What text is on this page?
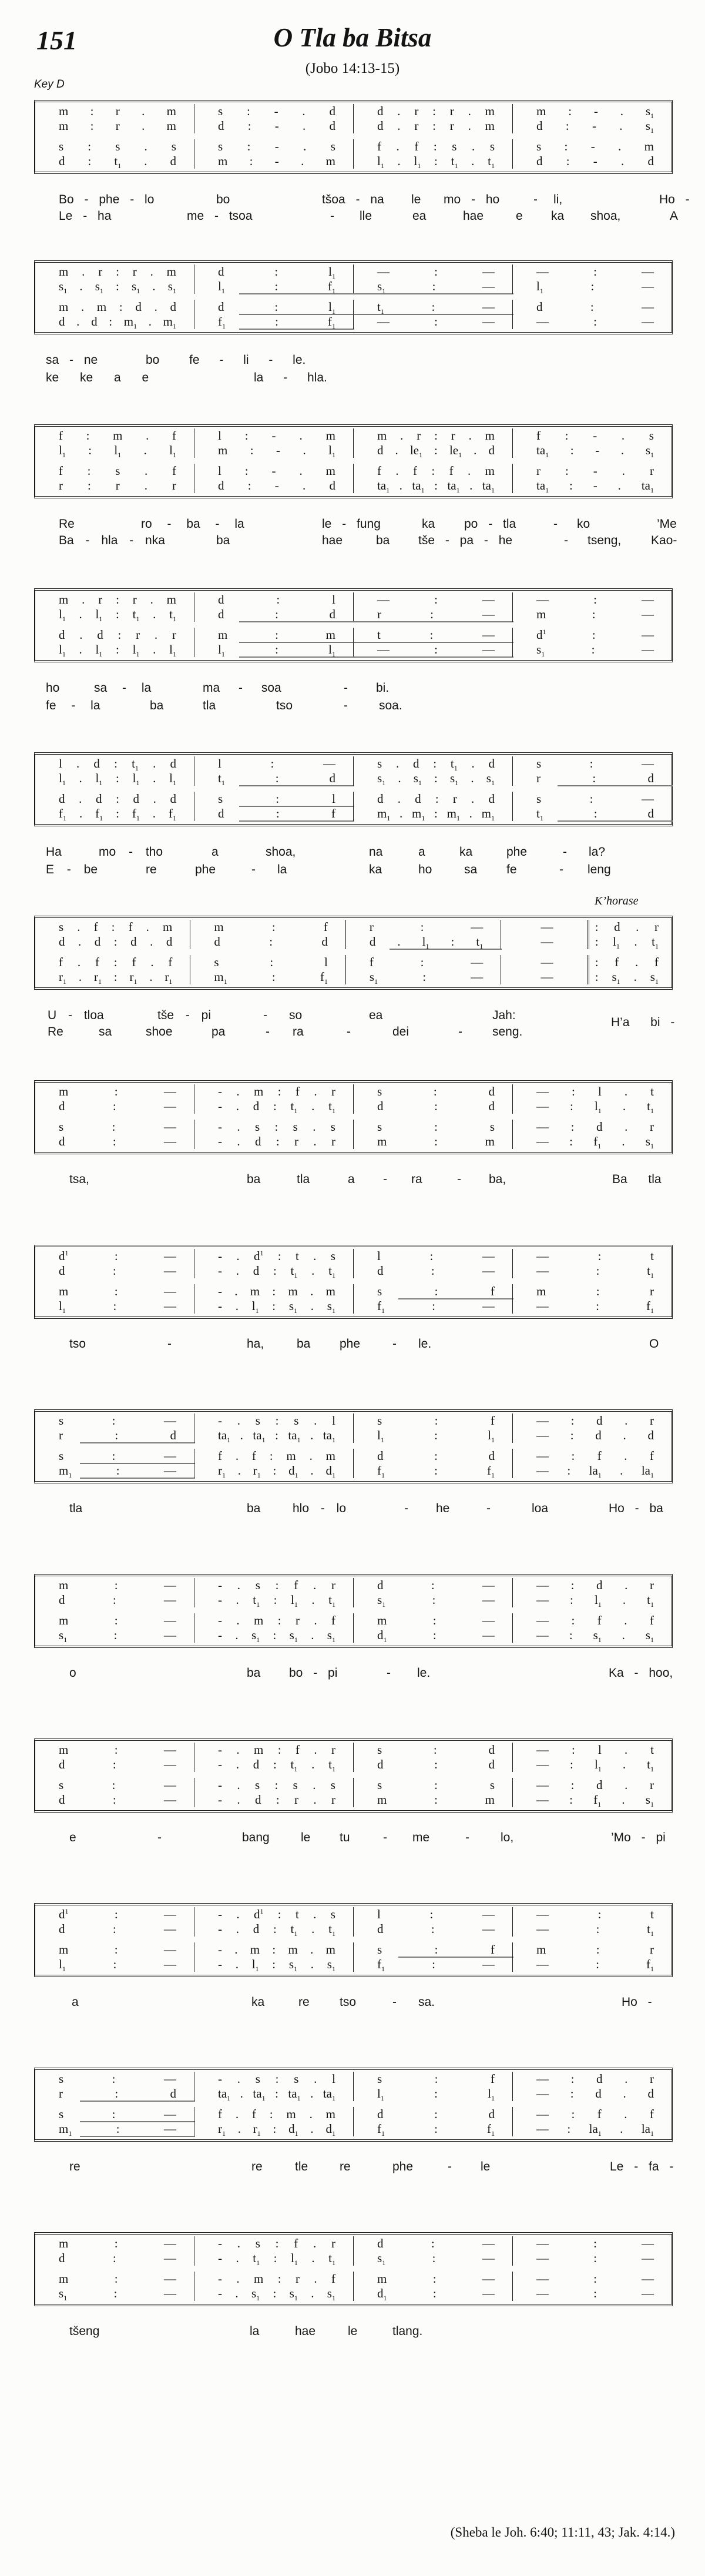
151	O Tla ba Bitsa
(Jobo 14:13-15)
Key D
K’horase
(Sheba le Joh. 6:40; 11:11, 43; Jak. 4:14.)
m : r . m	s : - . d	d . r : r . m	m : - . $s_1$
m : r . m	d : - . d	d . r : r . m	d : - . $s_1$
s : s . s	s : - . s	f . f : s . s	s : - . m
d : $t_1$ . d	m : - . m	$l_1$ . $l_1$ : $t_1$ . $t_1$	d : - . d
Bo - phe - lo	bo	tšoa - na le mo - ho	- li,	Ho -
Le - ha	me - tsoa	- lle	ea	hae	e ka shoa,	A
m . r : r . m	d	:	$l_1$	—	:	—	—	:	—
$s_1$ . $s_1$ : $s_1$ . $s_1$	$l_1$	:	$f_1$	$s_1$	:	—	$l_1$	:	—
m . m : d . d	d	:	$l_1$	$t_1$	:	—	d	:	—
d . d : $m_1$ . $m_1$	$f_1$	:	$f_1$	—	:	—	—	:	—
sa - ne	bo fe - li - le.
ke ke a e	la - hla.
f : m . f	l : - . m	m . r : r . m	f : - . s
$l_1$ : $l_1$ . $l_1$	m : - . $l_1$	d . $le_1$ : $le_1$ . d	$ta_1$ : - . $s_1$
f : s . f	l : - . m	f . f : f . m	r : - . r
r : r . r	d : - . d	$ta_1$ . $ta_1$ : $ta_1$ . $ta_1$	$ta_1$ : - . $ta_1$
Re	ro - ba - la	le - fung	ka po - tla	- ko	’Me
Ba - hla - nka	ba	hae	ba tše - pa - he	- tseng, Kao-
m . r : r . m	d	:	l	—	:	—	—	:	—
$l_1$ . $l_1$ : $t_1$ . $t_1$	d	:	d	r	:	—	m	:	—
d . d : r . r	m	:	m	t	:	—	$d^1$	:	—
$l_1$ . $l_1$ : $l_1$ . $l_1$	$l_1$	:	$l_1$	—	:	—	$s_1$	:	—
ho	sa - la	ma - soa	- bi.
fe - la	ba	tla	tso	-	soa.
l . d : $t_1$ . d	l	:	—	s . d : $t_1$ . d	s	:	—
$l_1$ . $l_1$ : $l_1$ . $l_1$	$t_1$	:	d	$s_1$ . $s_1$ : $s_1$ . $s_1$	r	:	d
d . d : d . d	s	:	l	d . d : r . d	s	:	—
$f_1$ . $f_1$ : $f_1$ . $f_1$	d	:	f	$m_1$ . $m_1$ : $m_1$ . $m_1$	$t_1$	:	d
Ha	mo - tho	a	shoa,	na	a	ka	phe	- la?
E - be	re	phe	- la	ka	ho	sa fe	- leng
s . f : f . m	m	:	f	r	:	—	—	: d . r
d . d : d . d	d	:	d	d . $l_1$ : $t_1$	—	: $l_1$ . $t_1$
f . f : f . f	s	:	l	f	:	—	—	: f . f
$r_1$ . $r_1$ : $r_1$ . $r_1$	$m_1$	:	$f_1$	$s_1$	:	—	—	: $s_1$ . $s_1$
U - tloa	tše - pi	- so	ea	Jah:
Re	sa	shoe	pa	- ra	-	dei	- seng.
H’a  bi -
m	:	—	- . m : f . r	s	:	d	— : l . t
d	:	—	- . d : $t_1$ . $t_1$	d	:	d	— : $l_1$ . $t_1$
s	:	—	- . s : s . s	s	:	s	— : d . r
d	:	—	- . d : r . r	m	:	m	— : $f_1$ . $s_1$
tsa,	ba	tla	a - ra	- ba,	Ba  tla
$d^1$	:	—	- . $d^1$ : t . s	l	:	—	—	:	t
d	:	—	- . d : $t_1$ . $t_1$	d	:	—	—	:	$t_1$
m	:	—	- . m : m . m	s	:	f	m	:	r
$l_1$	:	—	- . $l_1$ : $s_1$ . $s_1$	$f_1$	:	—	—	:	$f_1$
tso	-	ha,	ba phe	- le.	O
s	:	—	- . s : s . l	s	:	f	— : d . r
r	:	d	$ta_1$ . $ta_1$ : $ta_1$ . $ta_1$	$l_1$	:	$l_1$	— : d . d
s	:	—	f . f : m . m	d	:	d	— : f . f
$m_1$	:	—	$r_1$ . $r_1$ : $d_1$ . $d_1$	$f_1$	:	$f_1$	— : $la_1$ . $la_1$
tla	ba	hlo - lo	- he	-	loa	Ho - ba
m	:	—	- . s : f . r	d	:	—	— : d . r
d	:	—	- . $t_1$ : $l_1$ . $t_1$	$s_1$	:	—	— : $l_1$ . $t_1$
m	:	—	- . m : r . f	m	:	—	— : f . f
$s_1$	:	—	- . $s_1$ : $s_1$ . $s_1$	$d_1$	:	—	— : $s_1$ . $s_1$
o	ba bo - pi	- le.	Ka - hoo,
m	:	—	- . m : f . r	s	:	d	— : l . t
d	:	—	- . d : $t_1$ . $t_1$	d	:	d	— : $l_1$ . $t_1$
s	:	—	- . s : s . s	s	:	s	— : d . r
d	:	—	- . d : r . r	m	:	m	— : $f_1$ . $s_1$
e	-	bang	le tu	- me	-	lo,	’Mo - pi
$d^1$	:	—	- . $d^1$ : t . s	l	:	—	—	:	t
d	:	—	- . d : $t_1$ . $t_1$	d	:	—	—	:	$t_1$
m	:	—	- . m : m . m	s	:	f	m	:	r
$l_1$	:	—	- . $l_1$ : $s_1$ . $s_1$	$f_1$	:	—	—	:	$f_1$
a	ka	re tso	- sa.	Ho -
s	:	—	- . s : s . l	s	:	f	— : d . r
r	:	d	$ta_1$ . $ta_1$ : $ta_1$ . $ta_1$	$l_1$	:	$l_1$	— : d . d
s	:	—	f . f : m . m	d	:	d	— : f . f
$m_1$	:	—	$r_1$ . $r_1$ : $d_1$ . $d_1$	$f_1$	:	$f_1$	— : $la_1$ . $la_1$
re	re	tle	re	phe	- le	Le - fa -
m	:	—	- . s : f . r	d	:	—	—	:	—
d	:	—	- . $t_1$ : $l_1$ . $t_1$	$s_1$	:	—	—	:	—
m	:	—	- . m : r . f	m	:	—	—	:	—
$s_1$	:	—	- . $s_1$ : $s_1$ . $s_1$	$d_1$	:	—	—	:	—
tšeng	la	hae	le	tlang.
